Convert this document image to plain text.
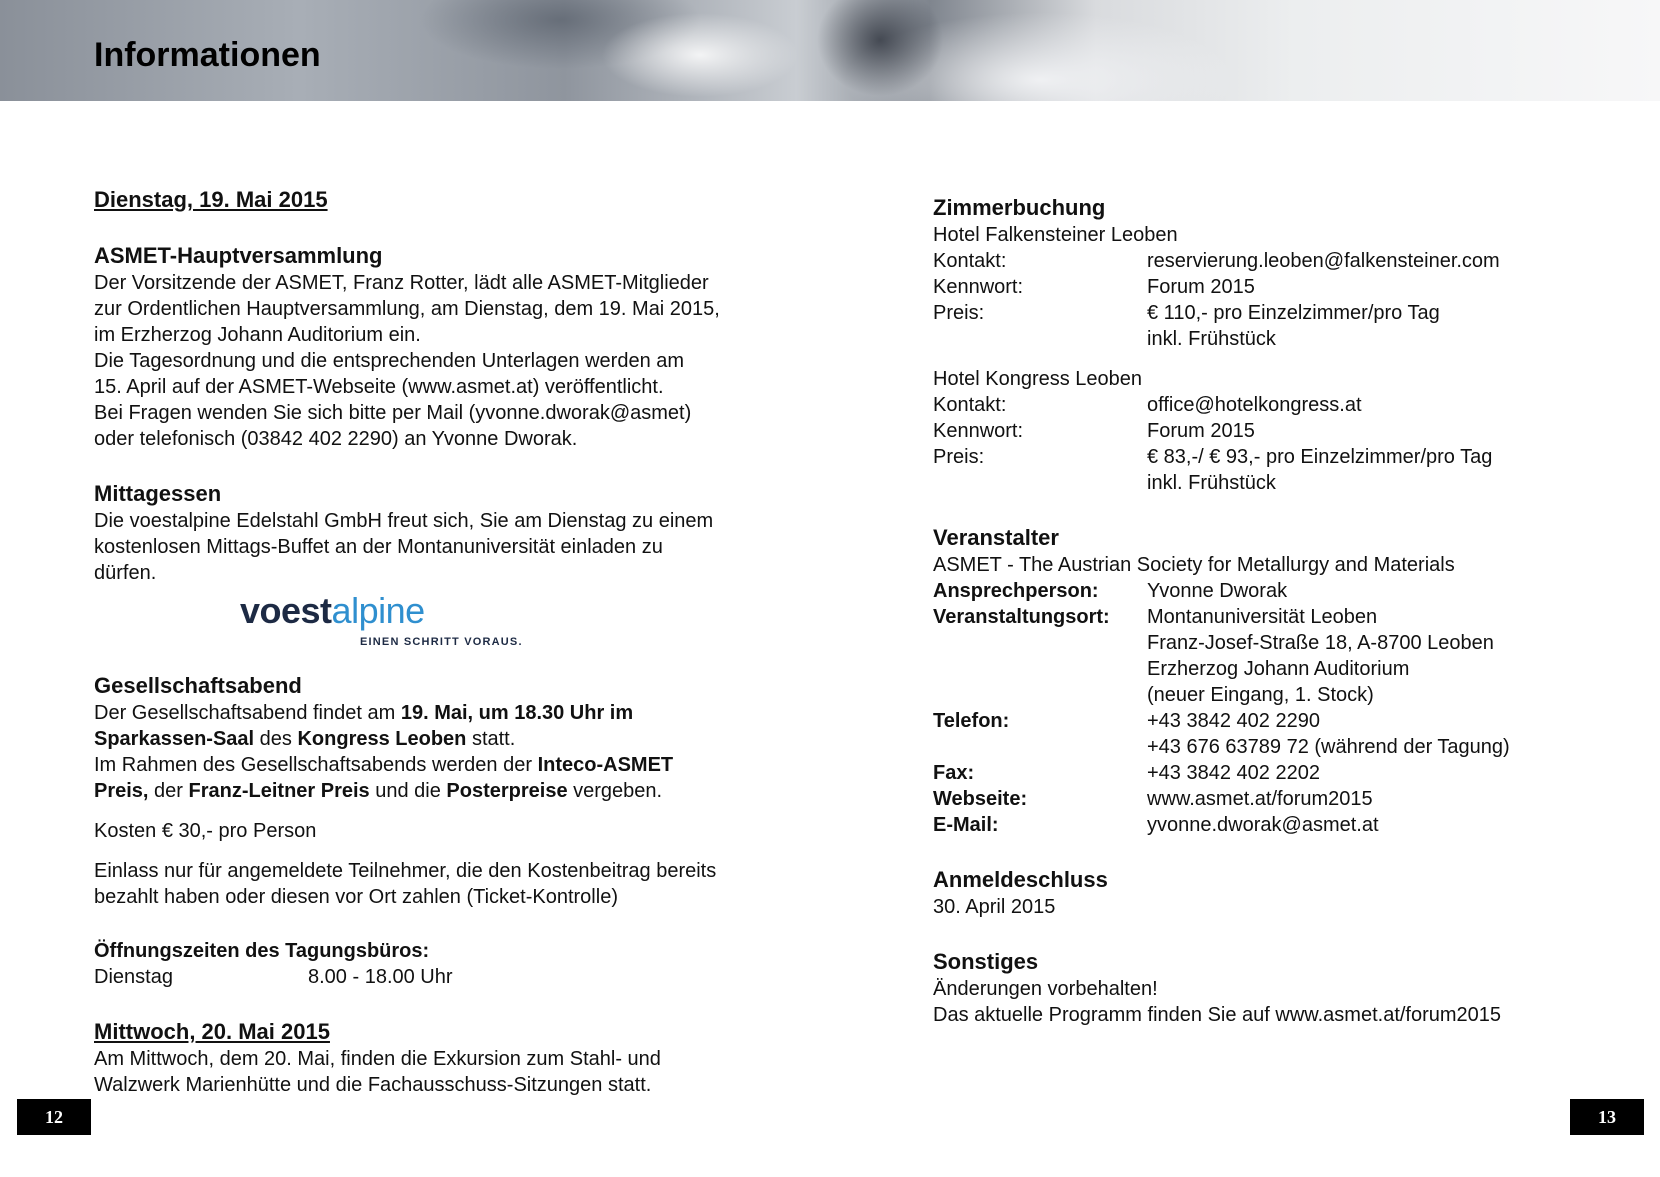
Informationen

Dienstag, 19. Mai 2015

ASMET-Hauptversammlung

Der Vorsitzende der ASMET, Franz Rotter, lädt alle ASMET-Mitglieder

zur Ordentlichen Hauptversammlung, am Dienstag, dem 19. Mai 2015,

im Erzherzog Johann Auditorium ein.

Die Tagesordnung und die entsprechenden Unterlagen werden am

15. April auf der ASMET-Webseite (www.asmet.at) veröffentlicht.

Bei Fragen wenden Sie sich bitte per Mail (yvonne.dworak@asmet)

oder telefonisch (03842 402 2290) an Yvonne Dworak.

Mittagessen

Die voestalpine Edelstahl GmbH freut sich, Sie am Dienstag zu einem

kostenlosen Mittags-Buffet an der Montanuniversität einladen zu

dürfen.

voestalpine
EINEN SCHRITT VORAUS.

Gesellschaftsabend

Der Gesellschaftsabend findet am 19. Mai, um 18.30 Uhr im

Sparkassen-Saal des Kongress Leoben statt.

Im Rahmen des Gesellschaftsabends werden der Inteco-ASMET

Preis, der Franz-Leitner Preis und die Posterpreise vergeben.

Kosten € 30,- pro Person

Einlass nur für angemeldete Teilnehmer, die den Kostenbeitrag bereits

bezahlt haben oder diesen vor Ort zahlen (Ticket-Kontrolle)

Öffnungszeiten des Tagungsbüros:

Dienstag	8.00 - 18.00 Uhr

Mittwoch, 20. Mai 2015

Am Mittwoch, dem 20. Mai, finden die Exkursion zum Stahl- und

Walzwerk Marienhütte und die Fachausschuss-Sitzungen statt.

Zimmerbuchung

Hotel Falkensteiner Leoben

Kontakt:	reservierung.leoben@falkensteiner.com
Kennwort:	Forum 2015
Preis:	€ 110,- pro Einzelzimmer/pro Tag
inkl. Frühstück

Hotel Kongress Leoben

Kontakt:	office@hotelkongress.at
Kennwort:	Forum 2015
Preis:	€ 83,-/ € 93,- pro Einzelzimmer/pro Tag
inkl. Frühstück

Veranstalter

ASMET - The Austrian Society for Metallurgy and Materials

Ansprechperson:	Yvonne Dworak
Veranstaltungsort:	Montanuniversität Leoben
Franz-Josef-Straße 18, A-8700 Leoben
Erzherzog Johann Auditorium
(neuer Eingang, 1. Stock)
Telefon:	+43 3842 402 2290
+43 676 63789 72 (während der Tagung)
Fax:	+43 3842 402 2202
Webseite:	www.asmet.at/forum2015
E-Mail:	yvonne.dworak@asmet.at

Anmeldeschluss

30. April 2015

Sonstiges

Änderungen vorbehalten!

Das aktuelle Programm finden Sie auf www.asmet.at/forum2015

12	13
